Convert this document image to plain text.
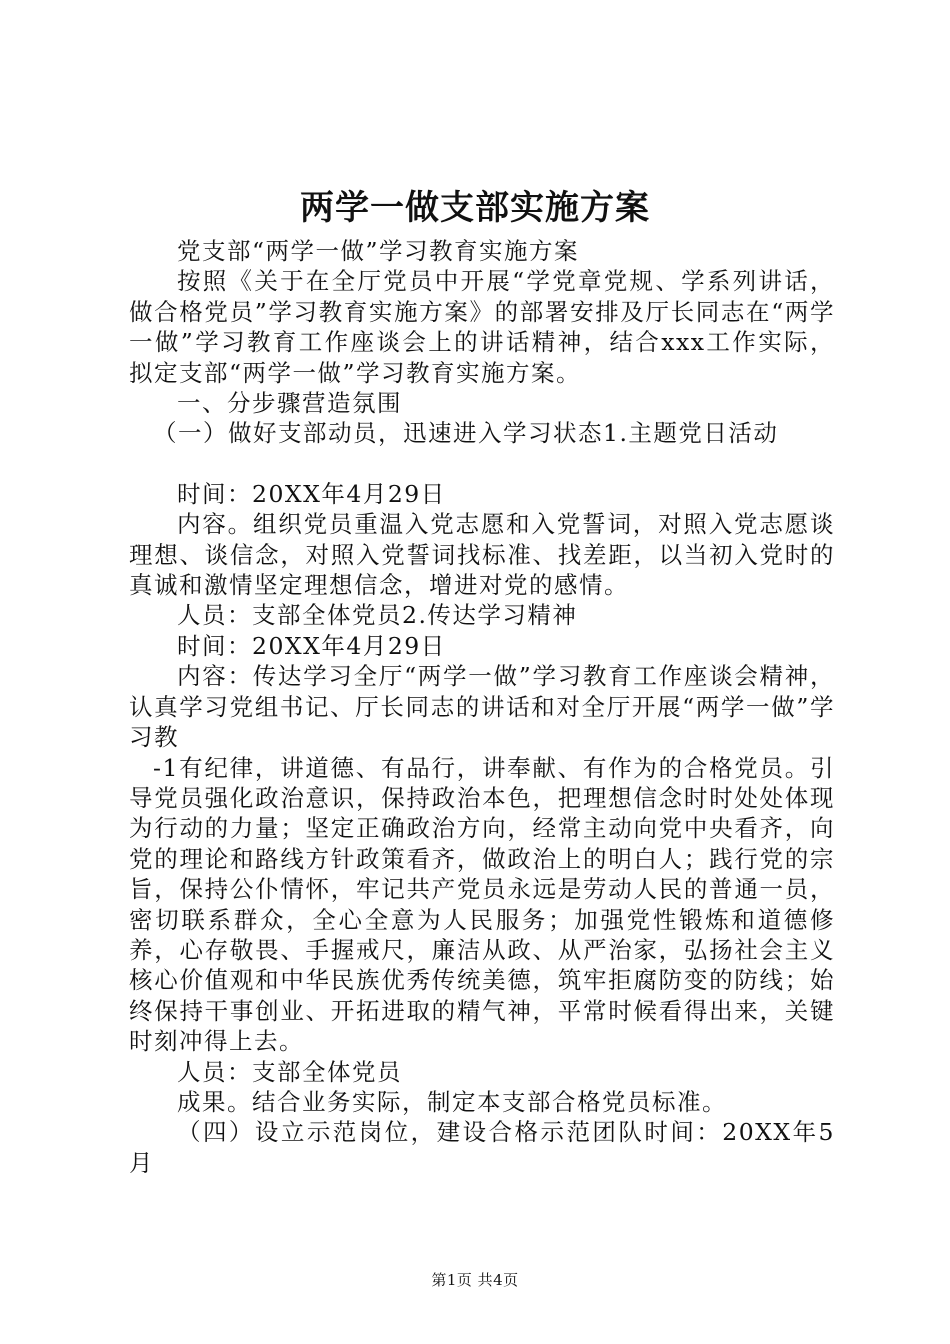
两学一做支部实施方案

党支部“两学一做”学习教育实施方案

按照《关于在全厅党员中开展“学党章党规、学系列讲话，做合格党员”学习教育实施方案》的部署安排及厅长同志在“两学一做”学习教育工作座谈会上的讲话精神，结合xxx工作实际，拟定支部“两学一做”学习教育实施方案。

一、分步骤营造氛围

（一）做好支部动员，迅速进入学习状态1.主题党日活动

时间：20XX年4月29日

内容。组织党员重温入党志愿和入党誓词，对照入党志愿谈理想、谈信念，对照入党誓词找标准、找差距，以当初入党时的真诚和激情坚定理想信念，增进对党的感情。

人员：支部全体党员2.传达学习精神

时间：20XX年4月29日

内容：传达学习全厅“两学一做”学习教育工作座谈会精神，认真学习党组书记、厅长同志的讲话和对全厅开展“两学一做”学习教

-1有纪律，讲道德、有品行，讲奉献、有作为的合格党员。引导党员强化政治意识，保持政治本色，把理想信念时时处处体现为行动的力量；坚定正确政治方向，经常主动向党中央看齐，向党的理论和路线方针政策看齐，做政治上的明白人；践行党的宗旨，保持公仆情怀，牢记共产党员永远是劳动人民的普通一员，密切联系群众，全心全意为人民服务；加强党性锻炼和道德修养，心存敬畏、手握戒尺，廉洁从政、从严治家，弘扬社会主义核心价值观和中华民族优秀传统美德，筑牢拒腐防变的防线；始终保持干事创业、开拓进取的精气神，平常时候看得出来，关键时刻冲得上去。

人员：支部全体党员

成果。结合业务实际，制定本支部合格党员标准。

（四）设立示范岗位，建设合格示范团队时间：20XX年5月

第1页 共4页
